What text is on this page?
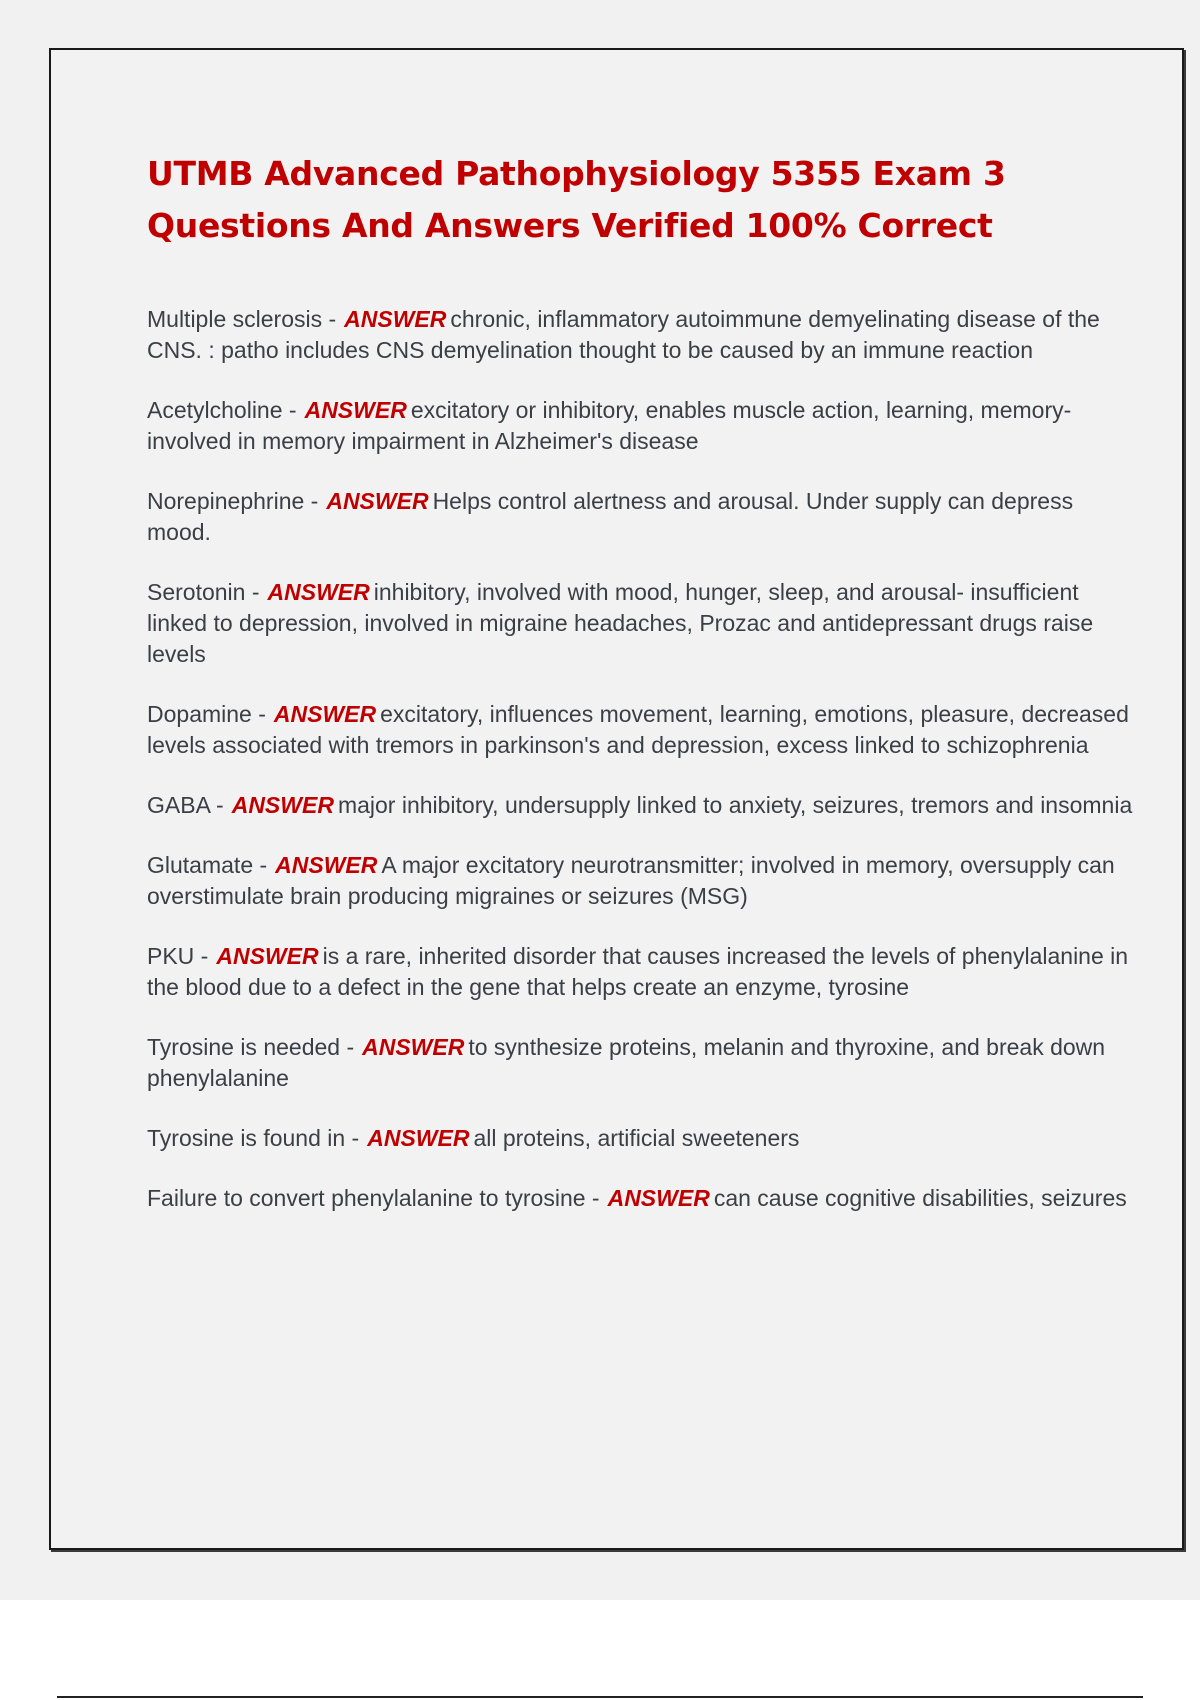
UTMB Advanced Pathophysiology 5355 Exam 3
Questions And Answers Verified 100% Correct

Multiple sclerosis - ANSWER chronic, inflammatory autoimmune demyelinating disease of the CNS. : patho includes CNS demyelination thought to be caused by an immune reaction

Acetylcholine - ANSWER excitatory or inhibitory, enables muscle action, learning, memory- involved in memory impairment in Alzheimer's disease

Norepinephrine - ANSWER Helps control alertness and arousal. Under supply can depress mood.

Serotonin - ANSWER inhibitory, involved with mood, hunger, sleep, and arousal- insufficient linked to depression, involved in migraine headaches, Prozac and antidepressant drugs raise levels

Dopamine - ANSWER excitatory, influences movement, learning, emotions, pleasure, decreased levels associated with tremors in parkinson's and depression, excess linked to schizophrenia

GABA - ANSWER major inhibitory, undersupply linked to anxiety, seizures, tremors and insomnia

Glutamate - ANSWER A major excitatory neurotransmitter; involved in memory, oversupply can overstimulate brain producing migraines or seizures (MSG)

PKU - ANSWER is a rare, inherited disorder that causes increased the levels of phenylalanine in the blood due to a defect in the gene that helps create an enzyme, tyrosine

Tyrosine is needed - ANSWER to synthesize proteins, melanin and thyroxine, and break down phenylalanine

Tyrosine is found in - ANSWER all proteins, artificial sweeteners

Failure to convert phenylalanine to tyrosine - ANSWER can cause cognitive disabilities, seizures
